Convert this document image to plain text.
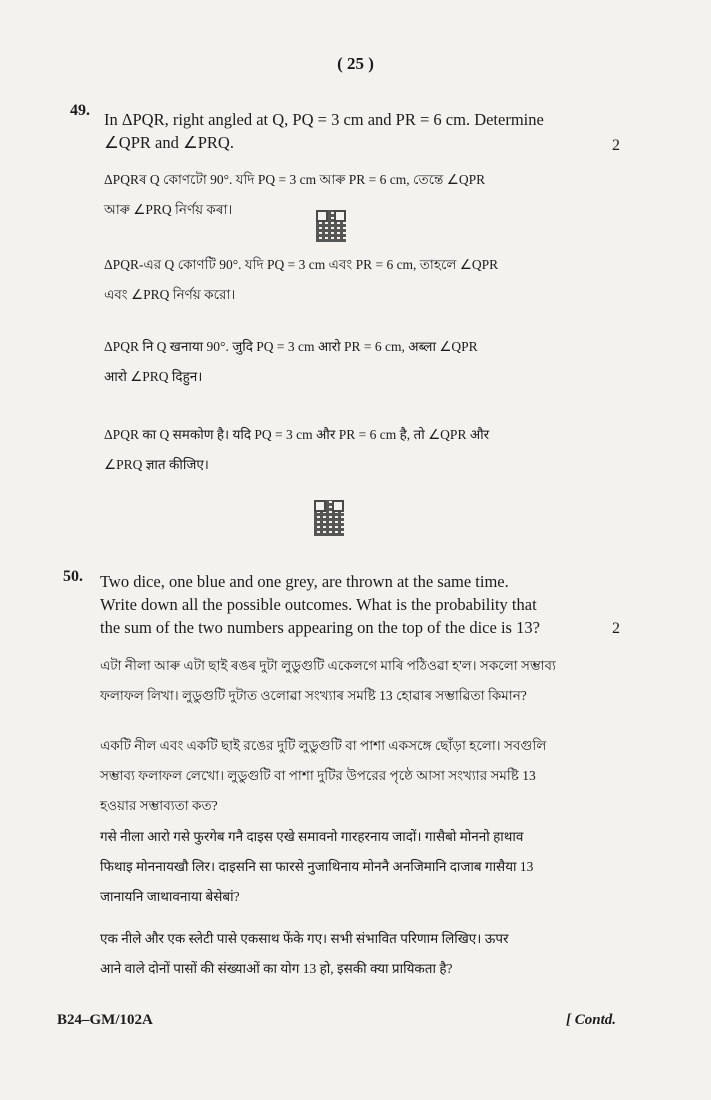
( 25 )
49. In ΔPQR, right angled at Q, PQ = 3 cm and PR = 6 cm. Determine
∠QPR and ∠PRQ.	2
ΔPQRৰ Q কোণটো 90°. যদি PQ = 3 cm আৰু PR = 6 cm, তেন্তে ∠QPR
আৰু ∠PRQ নিৰ্ণয় কৰা।
ΔPQR-এর Q কোণটি 90°. যদি PQ = 3 cm এবং PR = 6 cm, তাহলে ∠QPR
এবং ∠PRQ নির্ণয় করো।
ΔPQR नि Q खनाया 90°. जुदि PQ = 3 cm आरो PR = 6 cm, अब्ला ∠QPR
आरो ∠PRQ दिहुन।
ΔPQR का Q समकोण है। यदि PQ = 3 cm और PR = 6 cm है, तो ∠QPR और
∠PRQ ज्ञात कीजिए।
50. Two dice, one blue and one grey, are thrown at the same time.
Write down all the possible outcomes. What is the probability that
the sum of the two numbers appearing on the top of the dice is 13?	2
এটা নীলা আৰু এটা ছাই ৰঙৰ দুটা লুডুগুটি একেলগে মাৰি পঠিওৱা হ'ল। সকলো সম্ভাব্য
ফলাফল লিখা। লুডুগুটি দুটাত ওলোৱা সংখ্যাৰ সমষ্টি 13 হোৱাৰ সম্ভাৱিতা কিমান?
একটি নীল এবং একটি ছাই রঙের দুটি লুডুগুটি বা পাশা একসঙ্গে ছোঁড়া হলো। সবগুলি
সম্ভাব্য ফলাফল লেখো। লুডুগুটি বা পাশা দুটির উপরের পৃষ্ঠে আসা সংখ্যার সমষ্টি 13
হওয়ার সম্ভাব্যতা কত?
गसे नीला आरो गसे फुरगेब गनै दाइस एखे समावनो गारहरनाय जादों। गासैबो मोननो हाथाव
फिथाइ मोननायखौ लिर। दाइसनि सा फारसे नुजाथिनाय मोननै अनजिमानि दाजाब गासैया 13
जानायनि जाथावनाया बेसेबां?
एक नीले और एक स्लेटी पासे एकसाथ फेंके गए। सभी संभावित परिणाम लिखिए। ऊपर
आने वाले दोनों पासों की संख्याओं का योग 13 हो, इसकी क्या प्रायिकता है?
B24–GM/102A	[ Contd.
